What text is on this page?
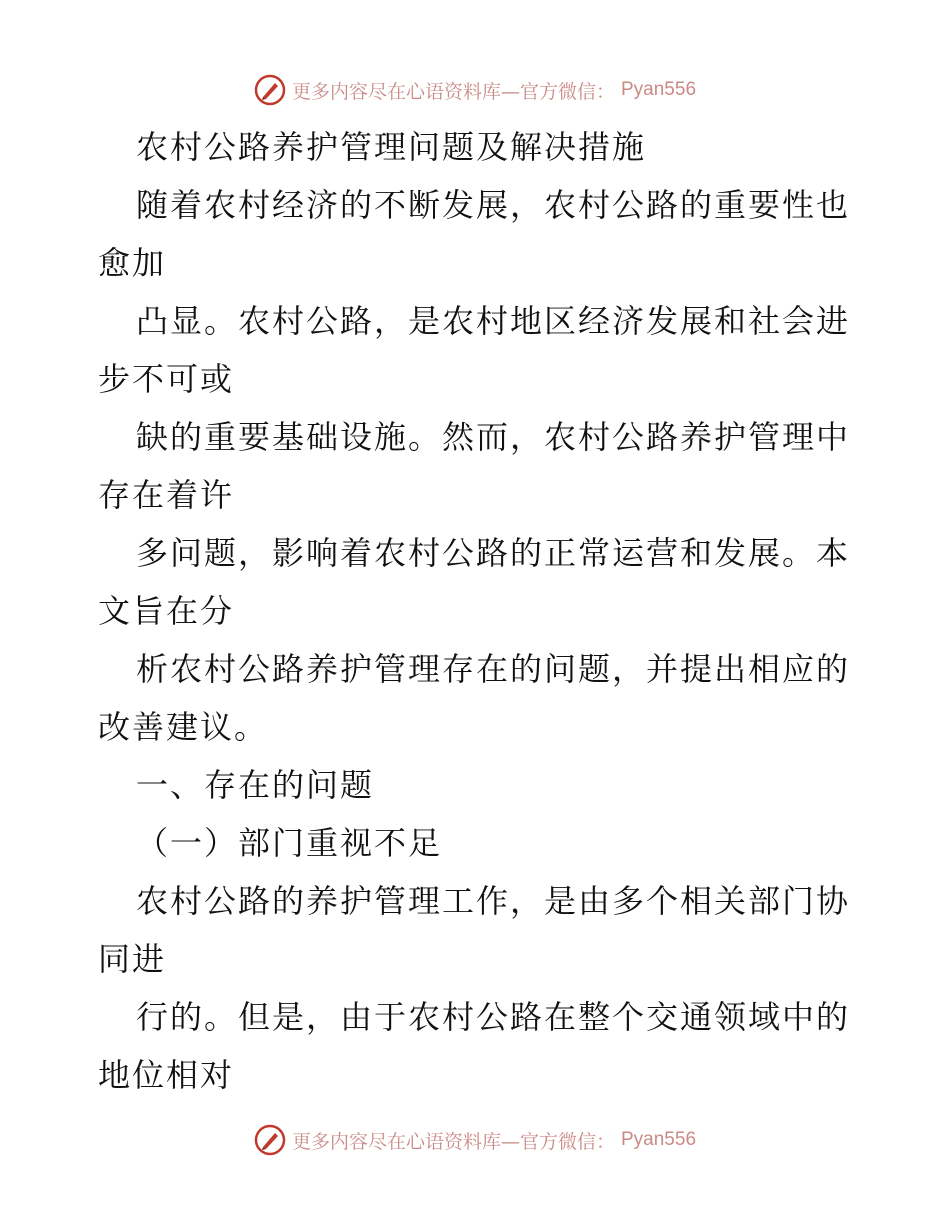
更多内容尽在心语资料库—官方微信： Pyan556
农村公路养护管理问题及解决措施
随着农村经济的不断发展，农村公路的重要性也
愈加
凸显。农村公路，是农村地区经济发展和社会进
步不可或
缺的重要基础设施。然而，农村公路养护管理中
存在着许
多问题，影响着农村公路的正常运营和发展。本
文旨在分
析农村公路养护管理存在的问题，并提出相应的
改善建议。
一、存在的问题
（一）部门重视不足
农村公路的养护管理工作，是由多个相关部门协
同进
行的。但是，由于农村公路在整个交通领域中的
地位相对
更多内容尽在心语资料库—官方微信： Pyan556
